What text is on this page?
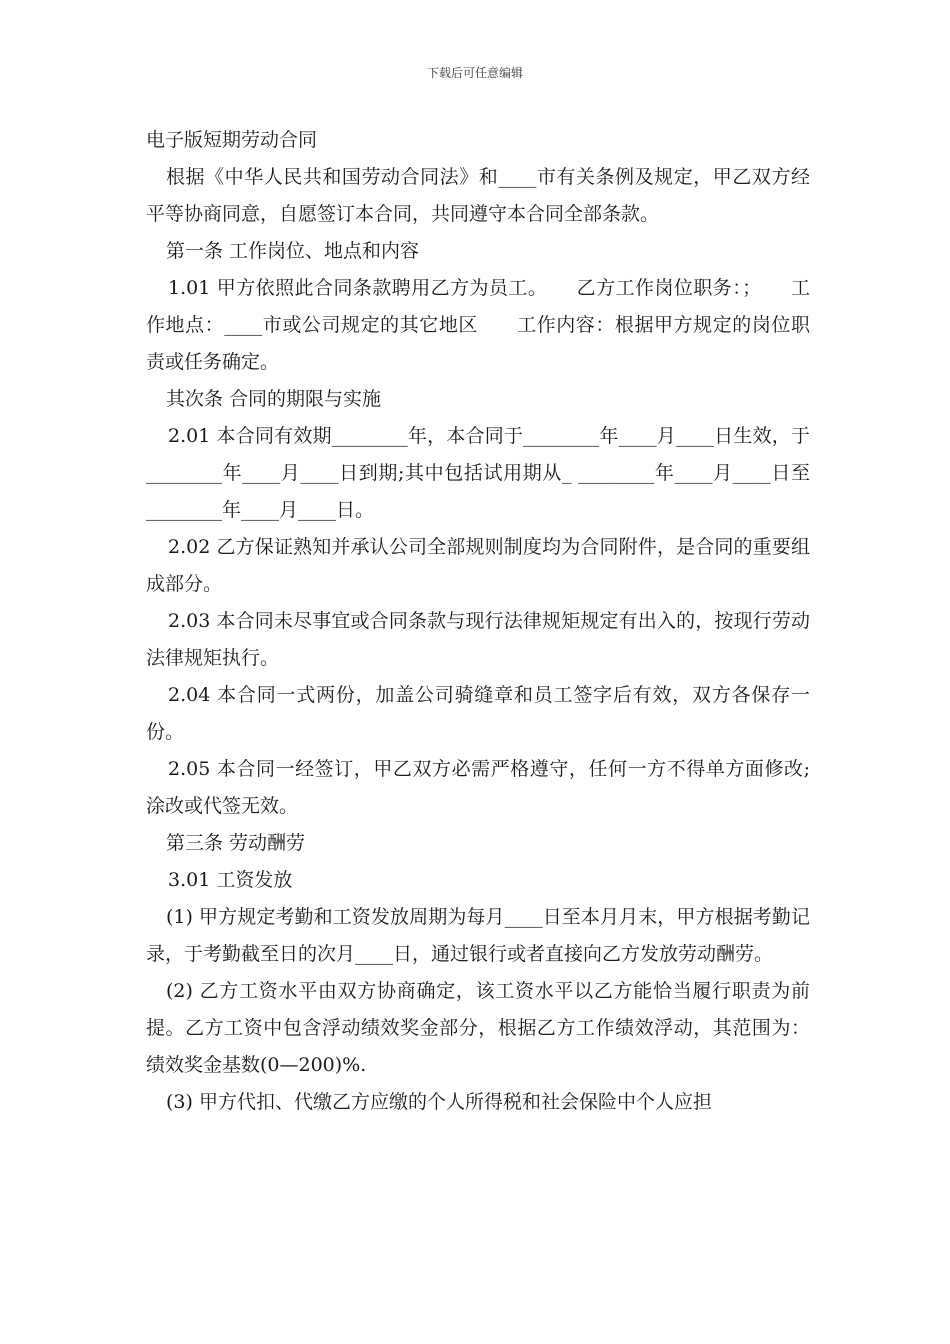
下载后可任意编辑

电子版短期劳动合同

根据《中华人民共和国劳动合同法》和____市有关条例及规定，甲乙双方经平等协商同意，自愿签订本合同，共同遵守本合同全部条款。

第一条 工作岗位、地点和内容

1.01 甲方依照此合同条款聘用乙方为员工。　　乙方工作岗位职务：；　　工作地点：____市或公司规定的其它地区　　工作内容：根据甲方规定的岗位职责或任务确定。

其次条 合同的期限与实施

2.01 本合同有效期________年，本合同于________年____月____日生效，于________年____月____日到期;其中包括试用期从_ ________年____月____日至________年____月____日。

2.02 乙方保证熟知并承认公司全部规则制度均为合同附件，是合同的重要组成部分。

2.03 本合同未尽事宜或合同条款与现行法律规矩规定有出入的，按现行劳动法律规矩执行。

2.04 本合同一式两份，加盖公司骑缝章和员工签字后有效，双方各保存一份。

2.05 本合同一经签订，甲乙双方必需严格遵守，任何一方不得单方面修改;涂改或代签无效。

第三条 劳动酬劳

3.01 工资发放

(1) 甲方规定考勤和工资发放周期为每月____日至本月月末，甲方根据考勤记录，于考勤截至日的次月____日，通过银行或者直接向乙方发放劳动酬劳。

(2) 乙方工资水平由双方协商确定，该工资水平以乙方能恰当履行职责为前提。乙方工资中包含浮动绩效奖金部分，根据乙方工作绩效浮动，其范围为：绩效奖金基数(0—200)%.

(3) 甲方代扣、代缴乙方应缴的个人所得税和社会保险中个人应担
